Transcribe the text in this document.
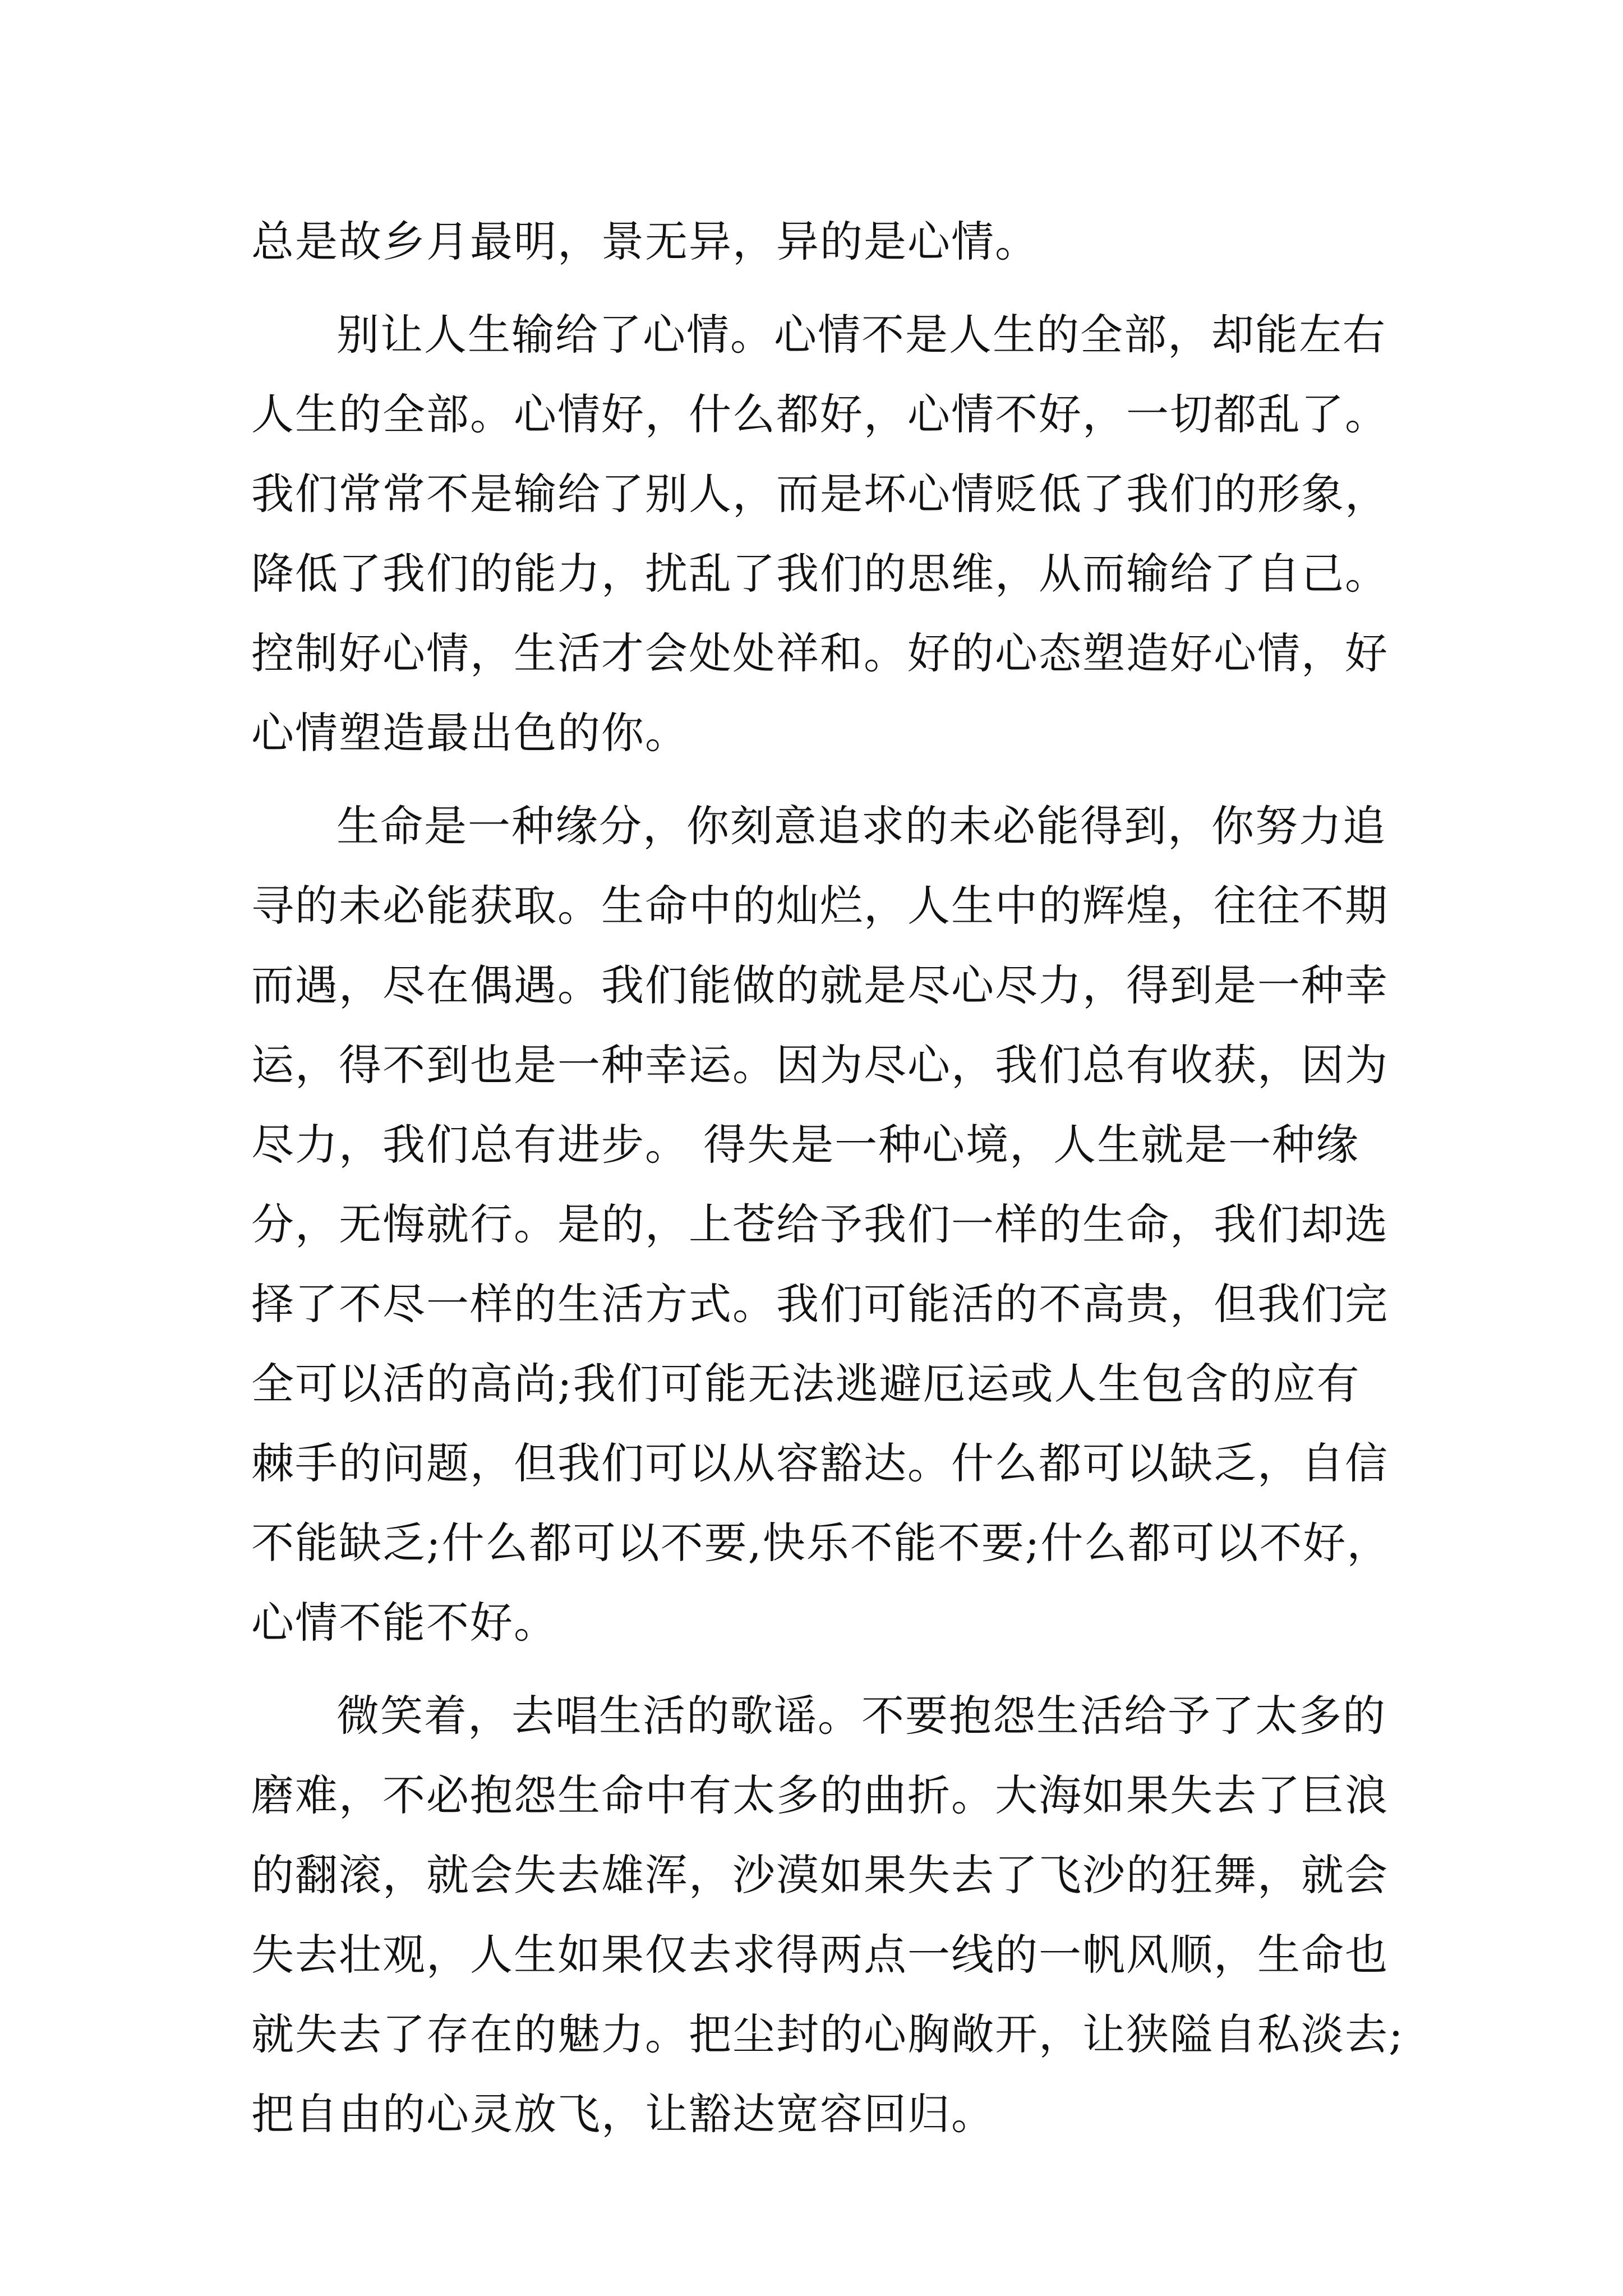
总是故乡月最明，景无异，异的是心情。
别让人生输给了心情。心情不是人生的全部，却能左右
人生的全部。心情好，什么都好，心情不好，一切都乱了。
我们常常不是输给了别人，而是坏心情贬低了我们的形象，
降低了我们的能力，扰乱了我们的思维，从而输给了自己。
控制好心情，生活才会处处祥和。好的心态塑造好心情，好
心情塑造最出色的你。
生命是一种缘分，你刻意追求的未必能得到，你努力追
寻的未必能获取。生命中的灿烂，人生中的辉煌，往往不期
而遇，尽在偶遇。我们能做的就是尽心尽力，得到是一种幸
运，得不到也是一种幸运。因为尽心，我们总有收获，因为
尽力，我们总有进步。 得失是一种心境，人生就是一种缘
分，无悔就行。是的，上苍给予我们一样的生命，我们却选
择了不尽一样的生活方式。我们可能活的不高贵，但我们完
全可以活的高尚;我们可能无法逃避厄运或人生包含的应有
棘手的问题，但我们可以从容豁达。什么都可以缺乏，自信
不能缺乏;什么都可以不要,快乐不能不要;什么都可以不好，
心情不能不好。
微笑着，去唱生活的歌谣。不要抱怨生活给予了太多的
磨难，不必抱怨生命中有太多的曲折。大海如果失去了巨浪
的翻滚，就会失去雄浑，沙漠如果失去了飞沙的狂舞，就会
失去壮观，人生如果仅去求得两点一线的一帆风顺，生命也
就失去了存在的魅力。把尘封的心胸敞开，让狭隘自私淡去;
把自由的心灵放飞，让豁达宽容回归。
